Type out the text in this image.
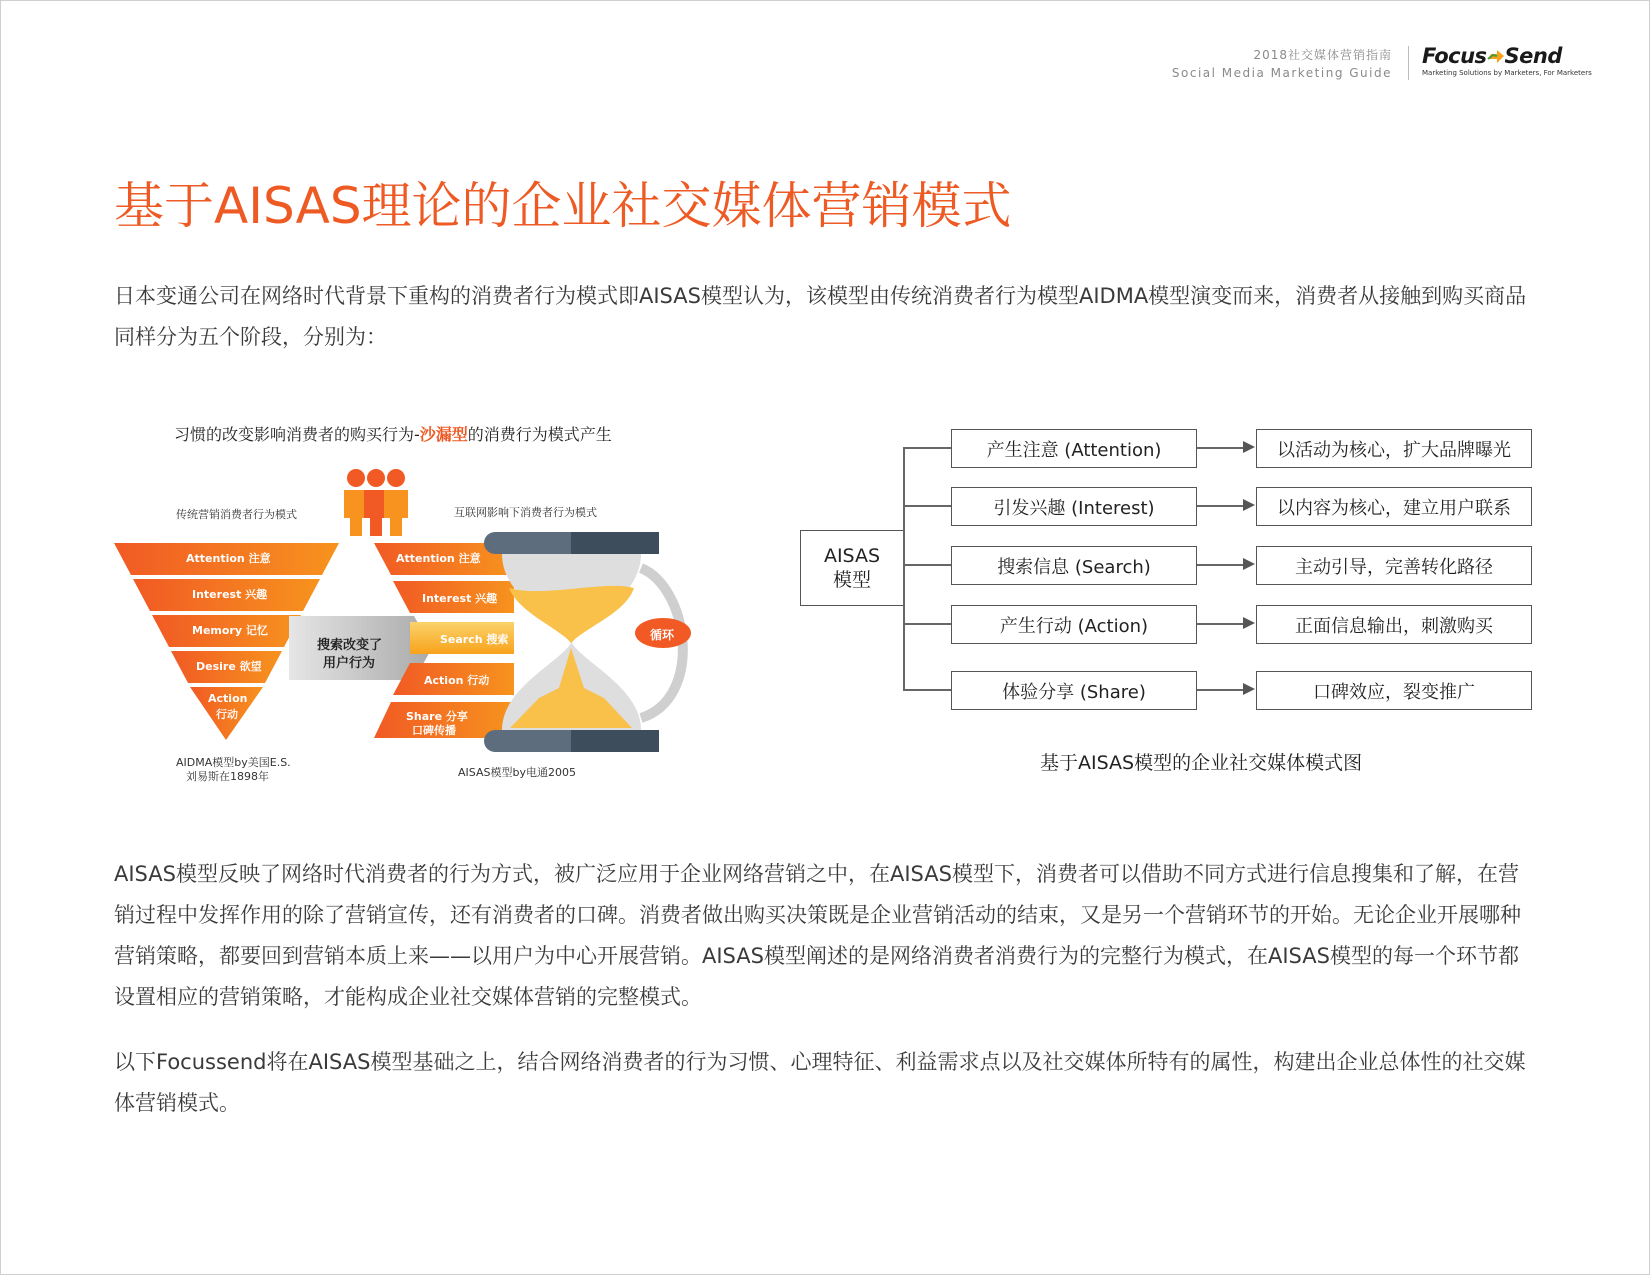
2018社交媒体营销指南
Social Media Marketing Guide
Focus Send
Marketing Solutions by Marketers, For Marketers
基于AISAS理论的企业社交媒体营销模式
日本变通公司在网络时代背景下重构的消费者行为模式即AISAS模型认为，该模型由传统消费者行为模型AIDMA模型演变而来，消费者从接触到购买商品同样分为五个阶段，分别为：
习惯的改变影响消费者的购买行为-沙漏型的消费行为模式产生
传统营销消费者行为模式	互联网影响下消费者行为模式
Attention 注意
Interest 兴趣
Memory 记忆
Desire 欲望
Action
行动
搜索改变了
用户行为
Attention 注意
Interest 兴趣
Search 搜索
Action 行动
Share 分享
口碑传播
循环
AIDMA模型by美国E.S.
刘易斯在1898年	AISAS模型by电通2005
AISAS
模型
产生注意 (Attention)
引发兴趣 (Interest)
搜索信息 (Search)
产生行动 (Action)
体验分享 (Share)
以活动为核心，扩大品牌曝光
以内容为核心，建立用户联系
主动引导，完善转化路径
正面信息输出，刺激购买
口碑效应，裂变推广
基于AISAS模型的企业社交媒体模式图
AISAS模型反映了网络时代消费者的行为方式，被广泛应用于企业网络营销之中，在AISAS模型下，消费者可以借助不同方式进行信息搜集和了解，在营销过程中发挥作用的除了营销宣传，还有消费者的口碑。消费者做出购买决策既是企业营销活动的结束，又是另一个营销环节的开始。无论企业开展哪种营销策略，都要回到营销本质上来——以用户为中心开展营销。AISAS模型阐述的是网络消费者消费行为的完整行为模式，在AISAS模型的每一个环节都设置相应的营销策略，才能构成企业社交媒体营销的完整模式。
以下Focussend将在AISAS模型基础之上，结合网络消费者的行为习惯、心理特征、利益需求点以及社交媒体所特有的属性，构建出企业总体性的社交媒体营销模式。
